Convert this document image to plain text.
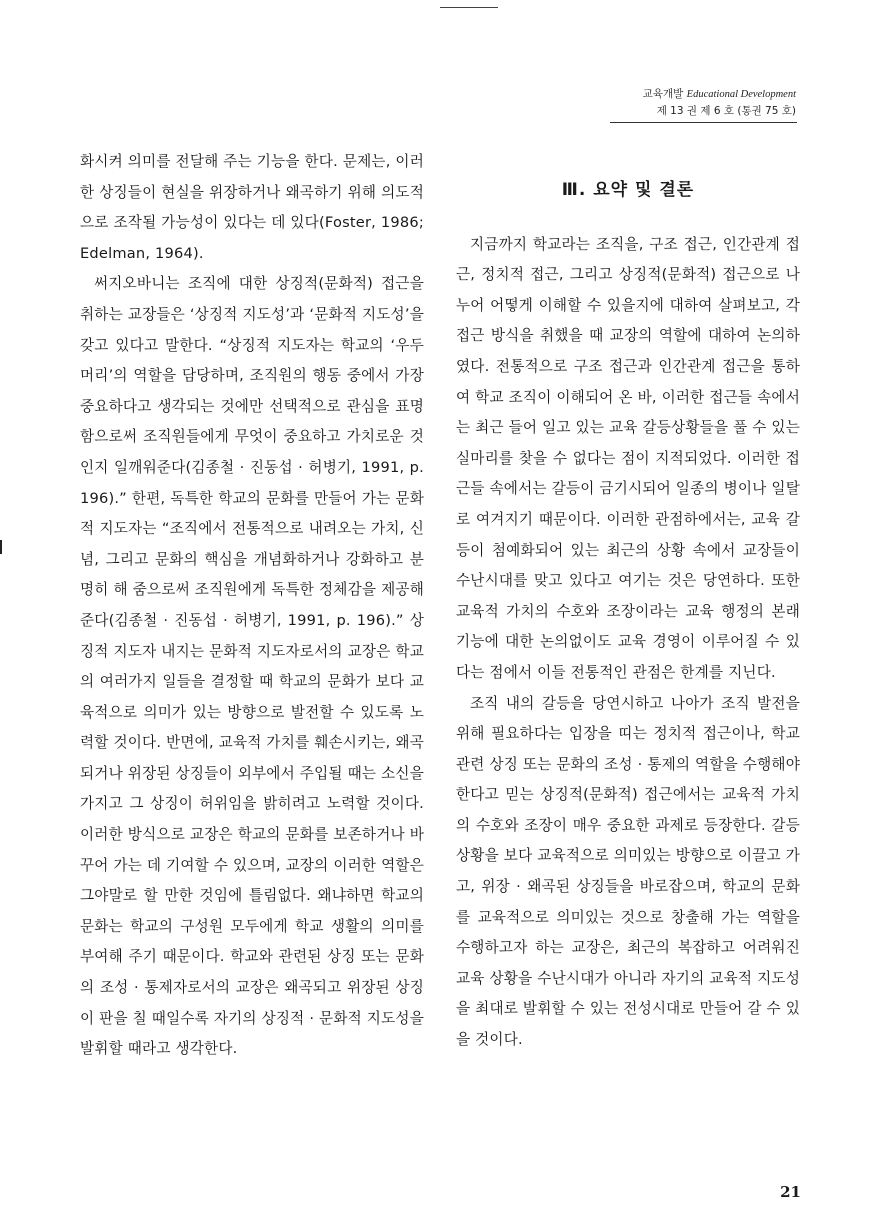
교육개발 Educational Development
제 13 권 제 6 호 (통권 75 호)

화시켜 의미를 전달해 주는 기능을 한다. 문제는, 이러한 상징들이 현실을 위장하거나 왜곡하기 위해 의도적으로 조작될 가능성이 있다는 데 있다(Foster, 1986; Edelman, 1964).

써지오바니는 조직에 대한 상징적(문화적) 접근을 취하는 교장들은 ‘상징적 지도성’과 ‘문화적 지도성’을 갖고 있다고 말한다. “상징적 지도자는 학교의 ‘우두머리’의 역할을 담당하며, 조직원의 행동 중에서 가장 중요하다고 생각되는 것에만 선택적으로 관심을 표명함으로써 조직원들에게 무엇이 중요하고 가치로운 것인지 일깨워준다(김종철 · 진동섭 · 허병기, 1991, p. 196).” 한편, 독특한 학교의 문화를 만들어 가는 문화적 지도자는 “조직에서 전통적으로 내려오는 가치, 신념, 그리고 문화의 핵심을 개념화하거나 강화하고 분명히 해 줌으로써 조직원에게 독특한 정체감을 제공해 준다(김종철 · 진동섭 · 허병기, 1991, p. 196).” 상징적 지도자 내지는 문화적 지도자로서의 교장은 학교의 여러가지 일들을 결정할 때 학교의 문화가 보다 교육적으로 의미가 있는 방향으로 발전할 수 있도록 노력할 것이다. 반면에, 교육적 가치를 훼손시키는, 왜곡되거나 위장된 상징들이 외부에서 주입될 때는 소신을 가지고 그 상징이 허위임을 밝히려고 노력할 것이다. 이러한 방식으로 교장은 학교의 문화를 보존하거나 바꾸어 가는 데 기여할 수 있으며, 교장의 이러한 역할은 그야말로 할 만한 것임에 틀림없다. 왜냐하면 학교의 문화는 학교의 구성원 모두에게 학교 생활의 의미를 부여해 주기 때문이다. 학교와 관련된 상징 또는 문화의 조성 · 통제자로서의 교장은 왜곡되고 위장된 상징이 판을 칠 때일수록 자기의 상징적 · 문화적 지도성을 발휘할 때라고 생각한다.

Ⅲ. 요약 및 결론

지금까지 학교라는 조직을, 구조 접근, 인간관계 접근, 정치적 접근, 그리고 상징적(문화적) 접근으로 나누어 어떻게 이해할 수 있을지에 대하여 살펴보고, 각 접근 방식을 취했을 때 교장의 역할에 대하여 논의하였다. 전통적으로 구조 접근과 인간관계 접근을 통하여 학교 조직이 이해되어 온 바, 이러한 접근들 속에서는 최근 들어 일고 있는 교육 갈등상황들을 풀 수 있는 실마리를 찾을 수 없다는 점이 지적되었다. 이러한 접근들 속에서는 갈등이 금기시되어 일종의 병이나 일탈로 여겨지기 때문이다. 이러한 관점하에서는, 교육 갈등이 첨예화되어 있는 최근의 상황 속에서 교장들이 수난시대를 맞고 있다고 여기는 것은 당연하다. 또한 교육적 가치의 수호와 조장이라는 교육 행정의 본래 기능에 대한 논의없이도 교육 경영이 이루어질 수 있다는 점에서 이들 전통적인 관점은 한계를 지닌다.

조직 내의 갈등을 당연시하고 나아가 조직 발전을 위해 필요하다는 입장을 띠는 정치적 접근이나, 학교 관련 상징 또는 문화의 조성 · 통제의 역할을 수행해야 한다고 믿는 상징적(문화적) 접근에서는 교육적 가치의 수호와 조장이 매우 중요한 과제로 등장한다. 갈등 상황을 보다 교육적으로 의미있는 방향으로 이끌고 가고, 위장 · 왜곡된 상징들을 바로잡으며, 학교의 문화를 교육적으로 의미있는 것으로 창출해 가는 역할을 수행하고자 하는 교장은, 최근의 복잡하고 어려워진 교육 상황을 수난시대가 아니라 자기의 교육적 지도성을 최대로 발휘할 수 있는 전성시대로 만들어 갈 수 있을 것이다.

21
